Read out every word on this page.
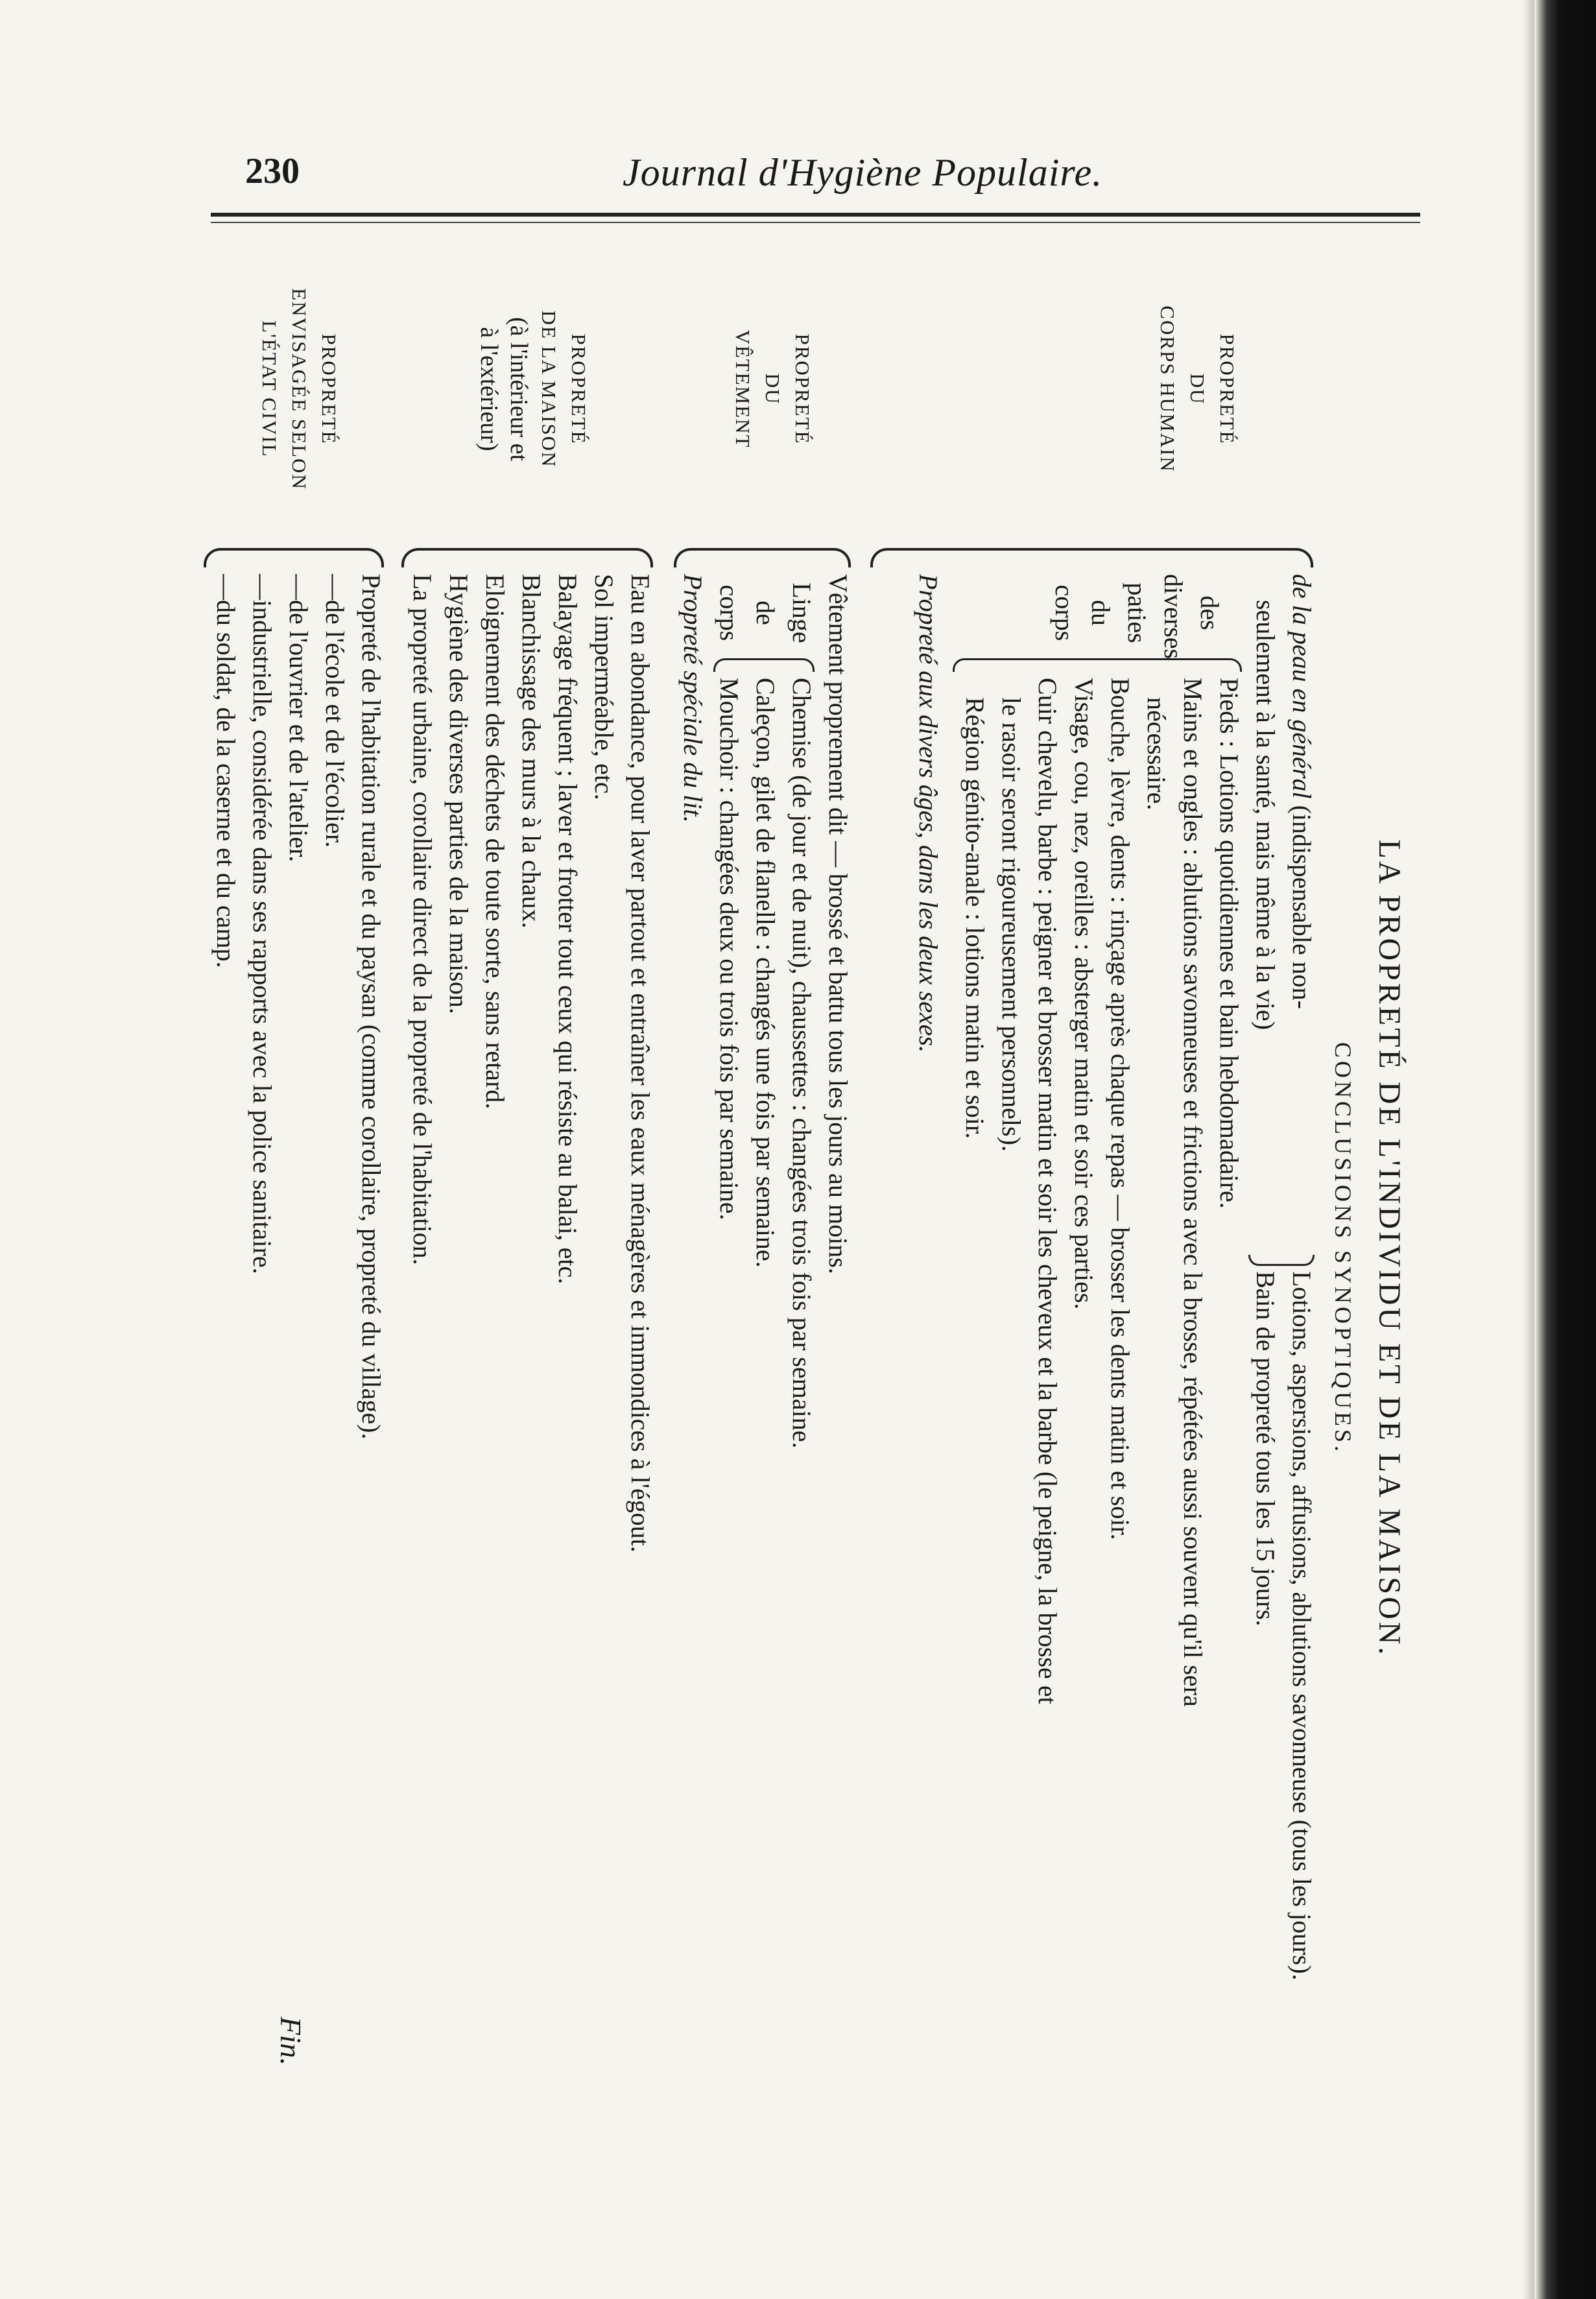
230	Journal d'Hygiène Populaire.
LA PROPRETÉ DE L'INDIVIDU ET DE LA MAISON.
CONCLUSIONS SYNOPTIQUES.
PROPRETÉ
DU
CORPS HUMAIN
de la peau en général (indispensable non-
seulement à la santé, mais même à la vie)
Lotions, aspersions, affusions, ablutions savonneuse (tous les jours).
Bain de propreté tous les 15 jours.
des
diverses
paties
du
corps
Pieds : Lotions quotidiennes et bain hebdomadaire.
Mains et ongles : ablutions savonneuses et frictions avec la brosse, répétées aussi souvent qu'il sera
nécessaire.
Bouche, lèvre, dents : rinçage après chaque repas — brosser les dents matin et soir.
Visage, cou, nez, oreilles : absterger matin et soir ces parties.
Cuir chevelu, barbe : peigner et brosser matin et soir les cheveux et la barbe (le peigne, la brosse et
le rasoir seront rigoureusement personnels).
Région génito-anale : lotions matin et soir.
Propreté aux divers âges, dans les deux sexes.
PROPRETÉ
DU
VÊTEMENT
Vêtement proprement dit — brossé et battu tous les jours au moins.
Linge
de
corps
Chemise (de jour et de nuit), chaussettes : changées trois fois par semaine.
Caleçon, gilet de flanelle : changés une fois par semaine.
Mouchoir : changées deux ou trois fois par semaine.
Propreté spéciale du lit.
PROPRETÉ
DE LA MAISON
(à l'intérieur et
à l'extérieur)
Eau en abondance, pour laver partout et entraîner les eaux ménagères et immondices à l'égout.
Sol imperméable, etc.
Balayage fréquent ; laver et frotter tout ceux qui résiste au balai, etc.
Blanchissage des murs à la chaux.
Eloignement des déchets de toute sorte, sans retard.
Hygiène des diverses parties de la maison.
La propreté urbaine, corollaire direct de la propreté de l'habitation.
PROPRETÉ
ENVISAGÉE SELON
L'ÉTAT CIVIL
Propreté de l'habitation rurale et du paysan (comme corollaire, propreté du village).
— de l'école et de l'écolier.
— de l'ouvrier et de l'atelier.
— industrielle, considérée dans ses rapports avec la police sanitaire.
— du soldat, de la caserne et du camp.
Fin.
